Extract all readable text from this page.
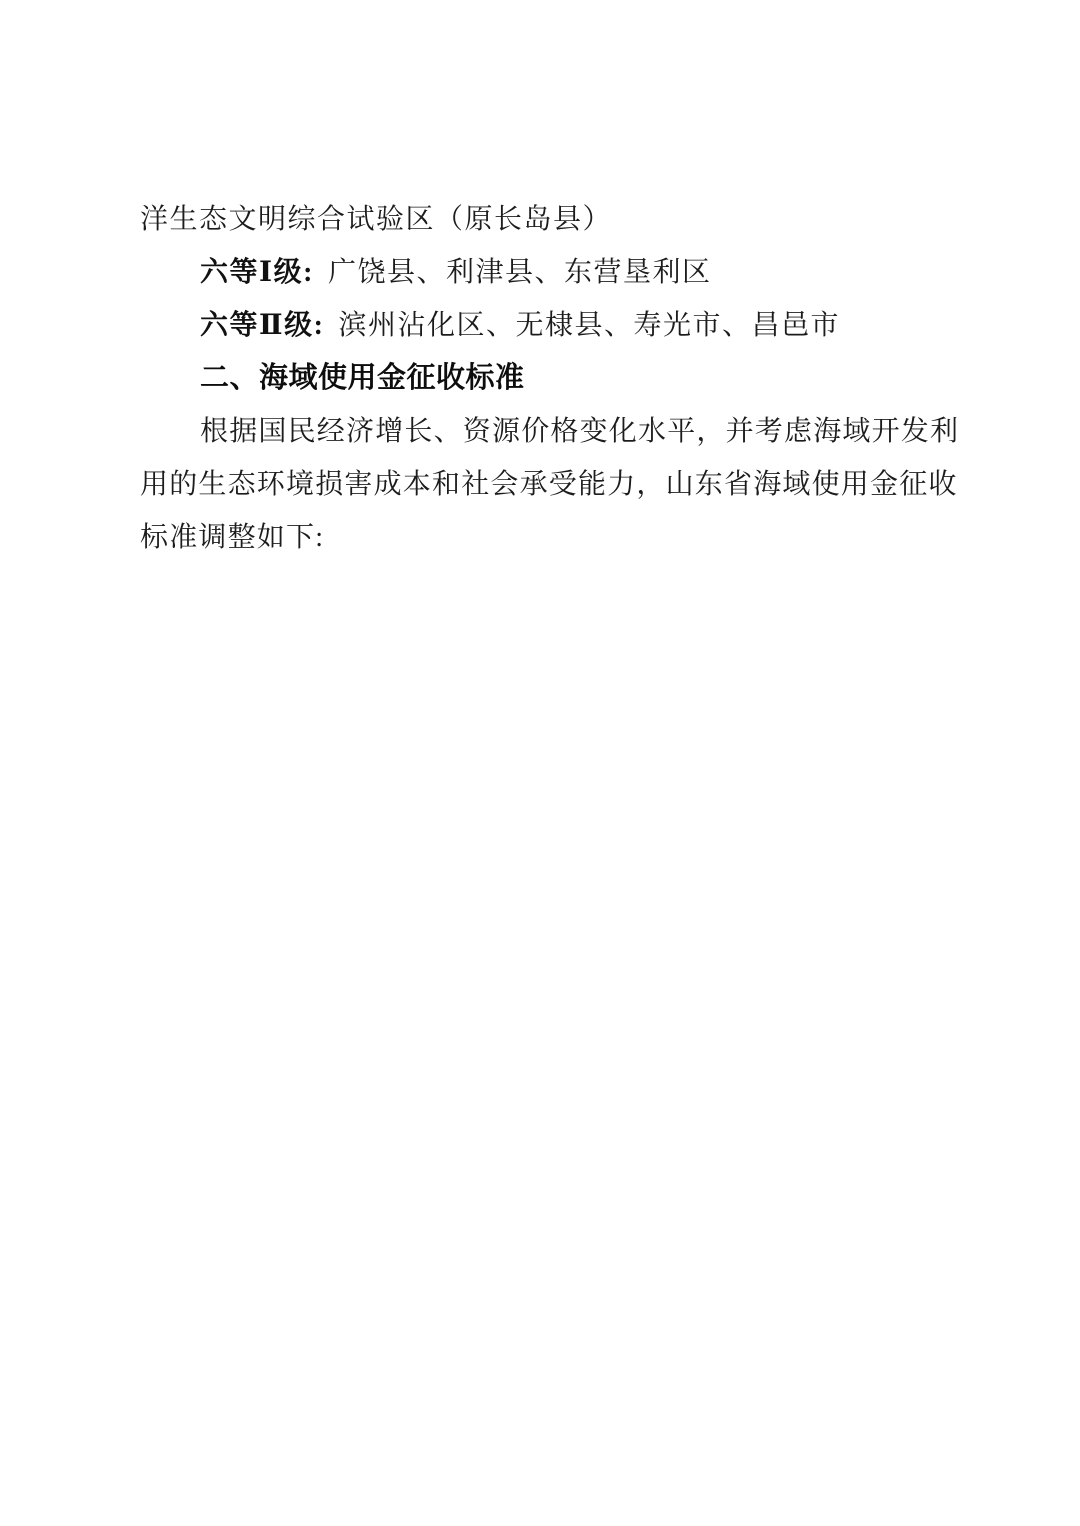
洋生态文明综合试验区（原长岛县）
六等Ⅰ级: 广饶县、利津县、东营垦利区
六等Ⅱ级: 滨州沾化区、无棣县、寿光市、昌邑市
二、海域使用金征收标准
根据国民经济增长、资源价格变化水平，并考虑海域开发利
用的生态环境损害成本和社会承受能力，山东省海域使用金征收
标准调整如下:
